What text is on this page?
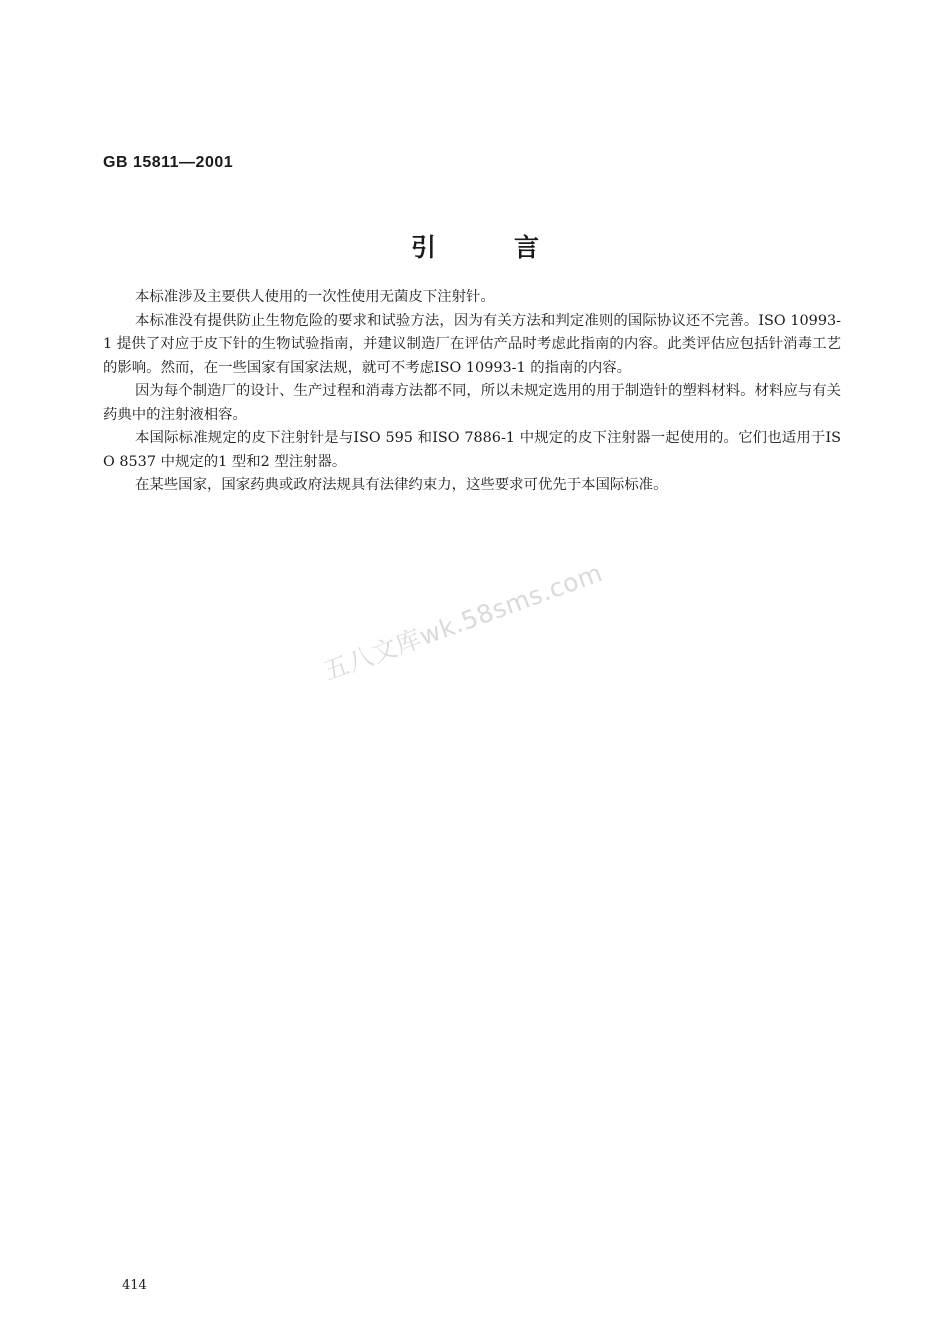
GB 15811—2001
引言

本标准涉及主要供人使用的一次性使用无菌皮下注射针。

本标准没有提供防止生物危险的要求和试验方法，因为有关方法和判定准则的国际协议还不完善。ISO 10993-1 提供了对应于皮下针的生物试验指南，并建议制造厂在评估产品时考虑此指南的内容。此类评估应包括针消毒工艺的影响。然而，在一些国家有国家法规，就可不考虑ISO 10993-1 的指南的内容。

因为每个制造厂的设计、生产过程和消毒方法都不同，所以未规定选用的用于制造针的塑料材料。材料应与有关药典中的注射液相容。

本国际标准规定的皮下注射针是与ISO 595 和ISO 7886-1 中规定的皮下注射器一起使用的。它们也适用于ISO 8537 中规定的1 型和2 型注射器。

在某些国家，国家药典或政府法规具有法律约束力，这些要求可优先于本国际标准。

五八文库wk.58sms.com
414
